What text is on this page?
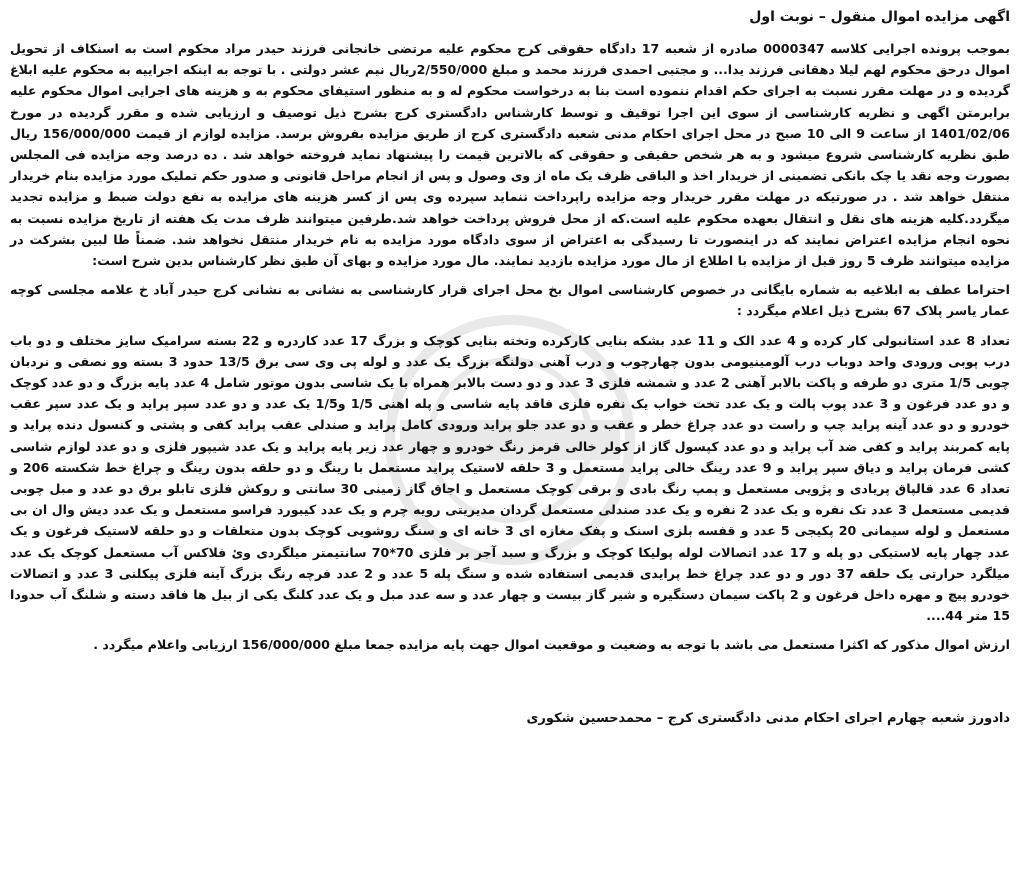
اگهی مزایده اموال منقول – نوبت اول

بموجب پرونده اجرایی کلاسه 0000347 صادره از شعبه 17 دادگاه حقوقی کرج محکوم علیه مرتضی خانجانی فرزند حیدر مراد محکوم است به اسنکاف از تحویل اموال درحق محکوم لهم لیلا دهقانی فرزند یدا... و مجتبی احمدی فرزند محمد و مبلغ 2/550/000ریال نیم عشر دولتی . با توجه به اینکه اجراییه به محکوم علیه ابلاغ گردیده و در مهلت مقرر نسبت به اجرای حکم اقدام ننموده است بنا به درخواست محکوم له و به منظور استیفای محکوم به و هزینه های اجرایی اموال محکوم علیه برابرمتن اگهی و نظریه کارشناسی از سوی این اجرا توقیف و توسط کارشناس دادگستری کرج بشرح ذیل توصیف و ارزیابی شده و مقرر گردیده در مورخ 1401/02/06 از ساعت 9 الی 10 صبح در محل اجرای احکام مدنی شعبه دادگستری کرج از طریق مزایده بفروش برسد. مزایده لوازم از قیمت 156/000/000 ریال طبق نظریه کارشناسی شروع میشود و به هر شخص حقیقی و حقوقی که بالاترین قیمت را پیشنهاد نماید فروخته خواهد شد . ده درصد وجه مزایده فی المجلس بصورت وجه نقد یا چک بانکی تضمینی از خریدار اخذ و الباقی ظرف یک ماه از وی وصول و پس از انجام مراحل قانونی و صدور حکم تملیک مورد مزایده بنام خریدار منتقل خواهد شد . در صورتیکه در مهلت مقرر خریدار وجه مزایده راپرداخت ننماید سپرده وی پس از کسر هزینه های مزایده به نفع دولت ضبط و مزایده تجدید میگردد.کلیه هزینه های نقل و انتقال بعهده محکوم علیه است.که از محل فروش پرداخت خواهد شد.طرفین میتوانند ظرف مدت یک هفته از تاریخ مزایده نسبت به نحوه انجام مزایده اعتراض نمایند که در اینصورت تا رسیدگی به اعتراض از سوی دادگاه مورد مزایده به نام خریدار منتقل نخواهد شد. ضمناً طا لبین بشرکت در مزایده میتوانند ظرف 5 روز قبل از مزایده با اطلاع از مال مورد مزایده بازدید نمایند. مال مورد مزایده و بهای آن طبق نظر کارشناس بدین شرح است:

احتراما عطف به ابلاغیه به شماره بایگانی در خصوص کارشناسی اموال بخ محل اجرای قرار کارشناسی به نشانی به نشانی کرج حیدر آباد خ علامه مجلسی کوچه عمار یاسر پلاک 67 بشرح ذیل اعلام میگردد :

تعداد 8 عدد استانبولی کار کرده و 4 عدد الک و 11 عدد بشکه بنایی کارکرده وتخته بنایی کوچک و بزرگ 17 عدد کاردره و 22 بسته سرامیک سایز مختلف و دو باب درب پوبی ورودی واحد دوباب درب آلومینیومی بدون چهارچوب و درب آهنی دولنگه بزرگ یک عدد و لوله پی وی سی برق 13/5 حدود 3 بسته وو نصفی و نردبان چوبی 1/5 متری دو طرفه و پاکت بالابر آهنی 2 عدد و شمشه فلزی 3 عدد و دو دست بالابر همراه با یک شاسی بدون موتور شامل 4 عدد پایه بزرگ و دو عدد کوچک و دو عدد فرغون و 3 عدد پوب پالت و یک عدد تخت خواب یک نفره فلزی فاقد پایه شاسی و پله اهنی 1/5 و1/5 یک عدد و دو عدد سپر پراید و یک عدد سپر عقب خودرو و دو عدد آینه پراید چپ و راست دو عدد چراغ خطر و عقب و دو عدد جلو پراید ورودی کامل پراید و صندلی عقب پراید کفی و پشتی و کنسول دنده پراید و پایه کمربند پراید و کفی ضد آب پراید و دو عدد کپسول گاز از کولر خالی قرمز رنگ خودرو و چهار عدد زیر پایه پراید و یک عدد شیپور فلزی و دو عدد لوازم شاسی کشی فرمان پراید و دیاق سپر پراید و 9 عدد رینگ خالی پراید مستعمل و 3 حلقه لاستیک پراید مستعمل با رینگ و دو حلقه بدون رینگ و چراغ خط شکسته 206 و تعداد 6 عدد قالپاق پریادی و پژویی مستعمل و پمپ رنگ بادی و برقی کوچک مستعمل و اجاق گاز زمینی 30 سانتی و روکش فلزی تابلو برق دو عدد و مبل چوبی قدیمی مستعمل 3 عدد تک نفره و یک عدد 2 نفره و یک عدد صندلی مستعمل گردان مدیریتی رویه چرم و یک عدد کیبورد فراسو مستعمل و یک عدد دیش وال ان بی مستعمل و لوله سیمانی 20 پکیجی 5 عدد و قفسه بلزی اسنک و پفک مغازه ای 3 خانه ای و سنگ روشویی کوچک بدون متعلقات و دو حلقه لاستیک فرغون و یک عدد چهار پایه لاستیکی دو پله و 17 عدد اتصالات لوله پولیکا کوچک و بزرگ و سبد آجر بر فلزی 70*70 سانتیمتر میلگردی وئ فلاکس آب مستعمل کوچک یک عدد میلگرد حرارتی یک حلقه 37 دور و دو عدد چراغ خط پرایدی قدیمی استفاده شده و سنگ پله 5 عدد و 2 عدد فرچه رنگ بزرگ آینه فلزی پیکلنی 3 عدد و اتصالات خودرو پیچ و مهره داخل فرغون و 2 پاکت سیمان دستگیره و شیر گاز بیست و چهار عدد و سه عدد مبل و یک عدد کلنگ یکی از بیل ها فاقد دسته و شلنگ آب حدودا 15 متر 44....

ارزش اموال مذکور که اکثرا مستعمل می باشد با توجه به وضعیت و موقعیت اموال جهت پایه مزایده جمعا مبلغ 156/000/000 ارزیابی واعلام میگردد .

دادورز شعبه چهارم اجرای احکام مدنی دادگستری کرج – محمدحسین شکوری
